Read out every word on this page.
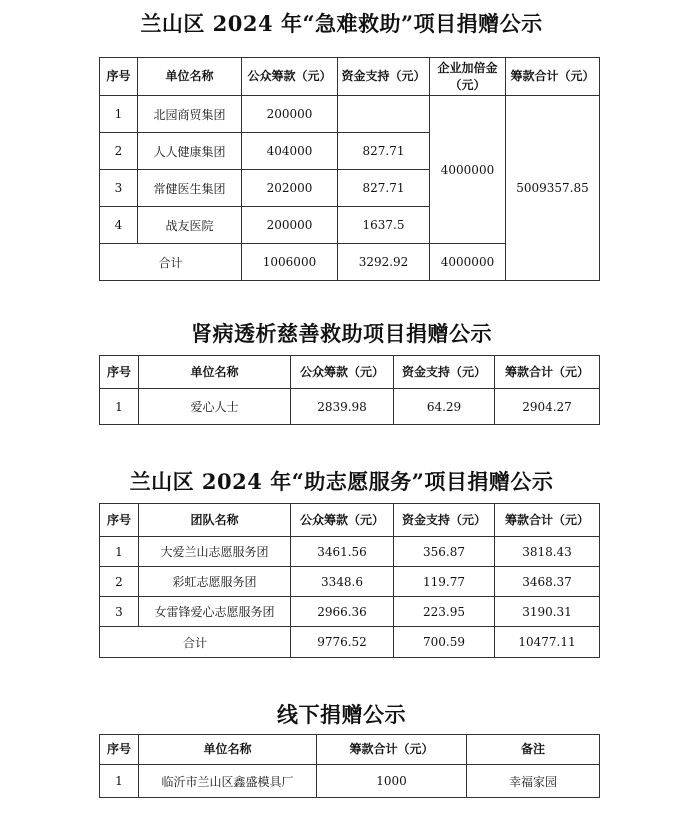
兰山区 2024 年“急难救助”项目捐赠公示
序号	单位名称	公众筹款（元）	资金支持（元）	企业加倍金（元）	筹款合计（元）
1	北园商贸集团	200000		4000000	5009357.85
2	人人健康集团	404000	827.71		
3	常健医生集团	202000	827.71		
4	战友医院	200000	1637.5		
合计		1006000	3292.92	4000000	
肾病透析慈善救助项目捐赠公示
序号	单位名称	公众筹款（元）	资金支持（元）	筹款合计（元）
1	爱心人士	2839.98	64.29	2904.27
兰山区 2024 年“助志愿服务”项目捐赠公示
序号	团队名称	公众筹款（元）	资金支持（元）	筹款合计（元）
1	大爱兰山志愿服务团	3461.56	356.87	3818.43
2	彩虹志愿服务团	3348.6	119.77	3468.37
3	女雷锋爱心志愿服务团	2966.36	223.95	3190.31
合计		9776.52	700.59	10477.11
线下捐赠公示
序号	单位名称	筹款合计（元）	备注
1	临沂市兰山区鑫盛模具厂	1000	幸福家园
